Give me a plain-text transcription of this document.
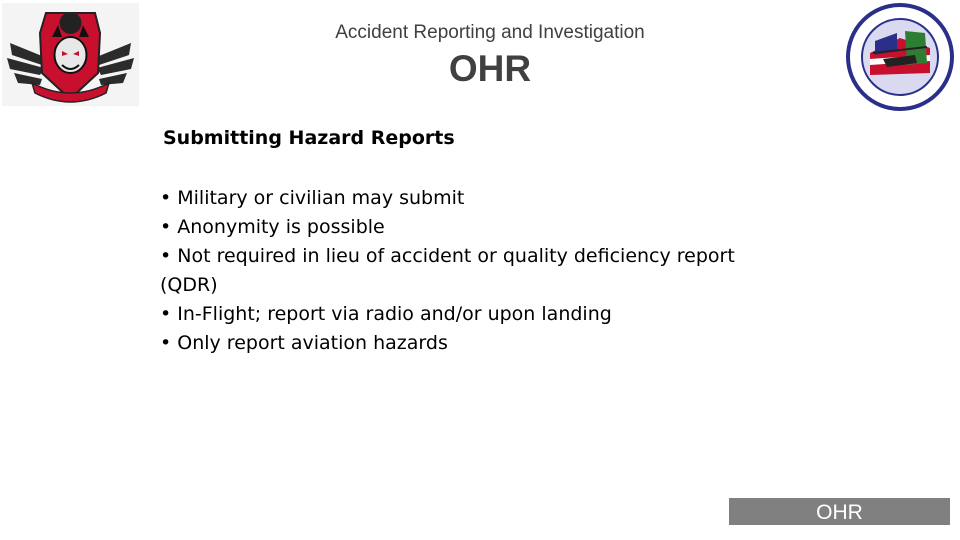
Accident Reporting and Investigation
OHR
Submitting Hazard Reports
• Military or civilian may submit
• Anonymity is possible
• Not required in lieu of accident or quality deficiency report (QDR)
• In-Flight; report via radio and/or upon landing
• Only report aviation hazards
OHR
